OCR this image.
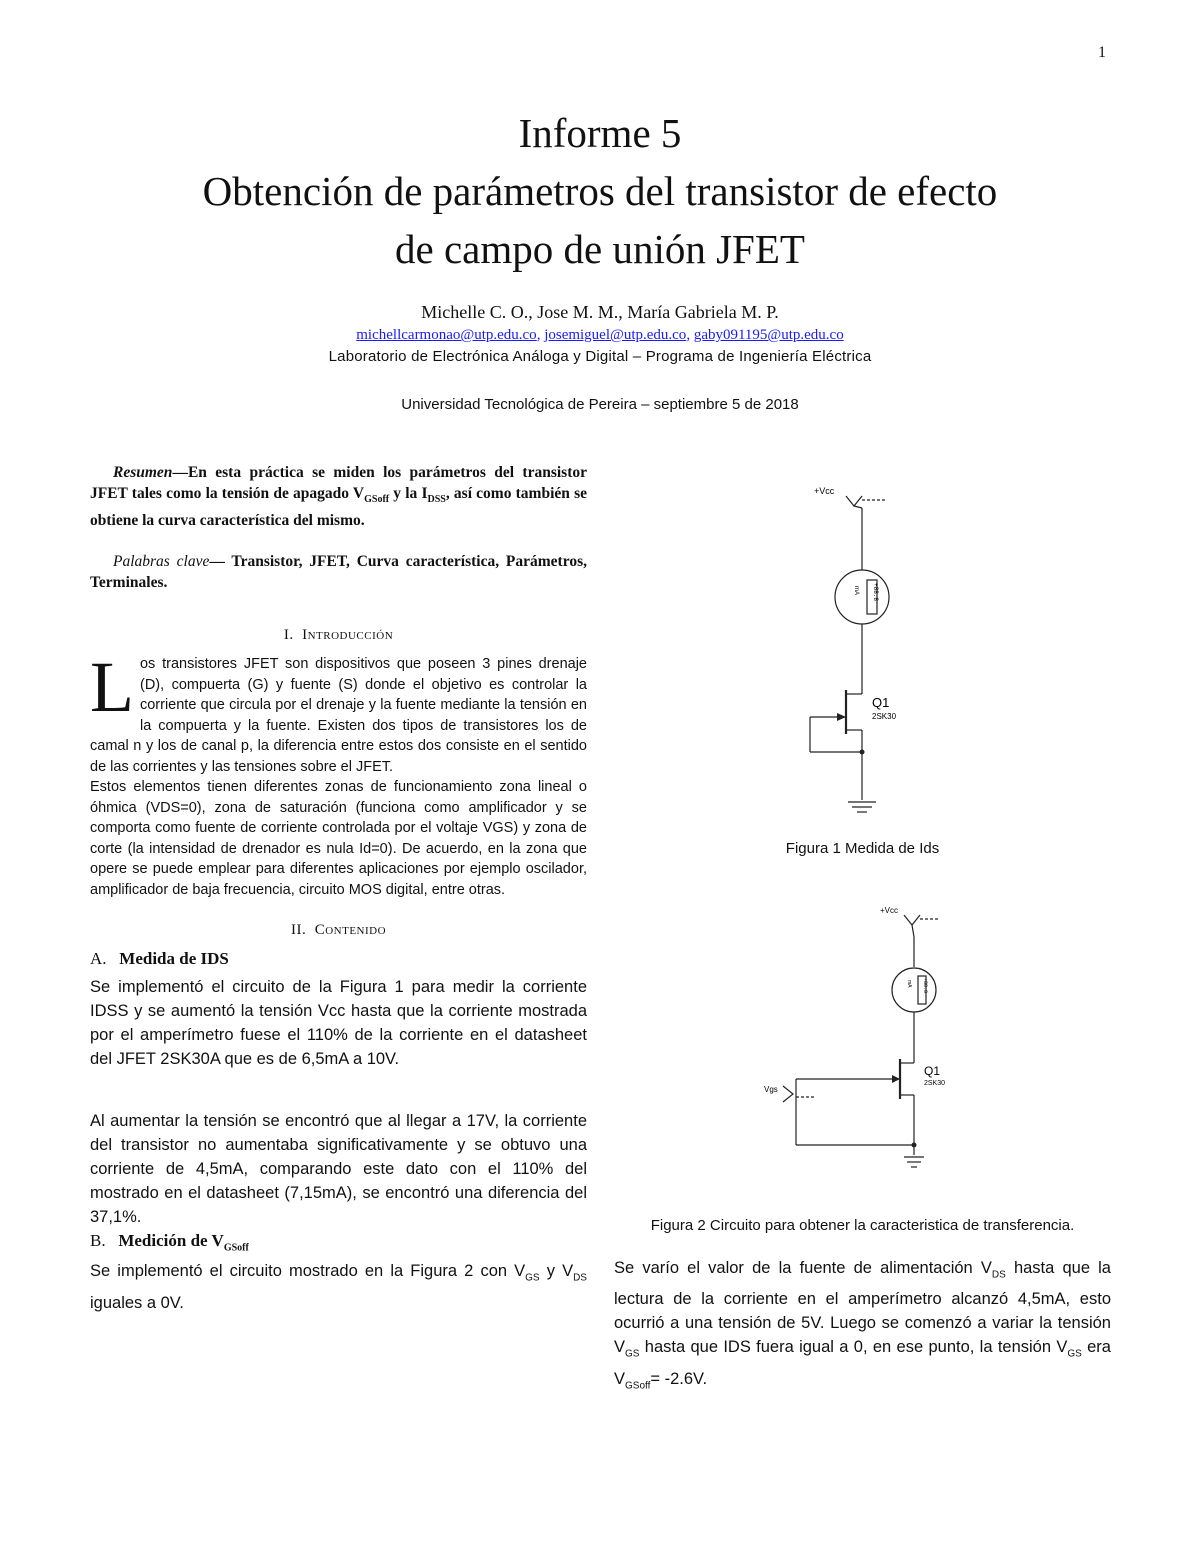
1
Informe 5
Obtención de parámetros del transistor de efecto
de campo de unión JFET
Michelle C. O., Jose M. M., María Gabriela M. P.
michellcarmonao@utp.edu.co, josemiguel@utp.edu.co, gaby091195@utp.edu.co
Laboratorio de Electrónica Análoga y Digital – Programa de Ingeniería Eléctrica
Universidad Tecnológica de Pereira – septiembre 5 de 2018

Resumen—En esta práctica se miden los parámetros del transistor JFET tales como la tensión de apagado $V_{GSoff}$ y la $I_{DSS}$, así como también se obtiene la curva característica del mismo.

Palabras clave— Transistor, JFET, Curva característica, Parámetros, Terminales.

I. Introducción

Los transistores JFET son dispositivos que poseen 3 pines drenaje (D), compuerta (G) y fuente (S) donde el objetivo es controlar la corriente que circula por el drenaje y la fuente mediante la tensión en la compuerta y la fuente. Existen dos tipos de transistores los de camal n y los de canal p, la diferencia entre estos dos consiste en el sentido de las corrientes y las tensiones sobre el JFET.

Estos elementos tienen diferentes zonas de funcionamiento zona lineal o óhmica (VDS=0), zona de saturación (funciona como amplificador y se comporta como fuente de corriente controlada por el voltaje VGS) y zona de corte (la intensidad de drenador es nula Id=0). De acuerdo, en la zona que opere se puede emplear para diferentes aplicaciones por ejemplo oscilador, amplificador de baja frecuencia, circuito MOS digital, entre otras.

II. Contenido
A. Medida de IDS

Se implementó el circuito de la Figura 1 para medir la corriente IDSS y se aumentó la tensión Vcc hasta que la corriente mostrada por el amperímetro fuese el 110% de la corriente en el datasheet del JFET 2SK30A que es de 6,5mA a 10V.

Al aumentar la tensión se encontró que al llegar a 17V, la corriente del transistor no aumentaba significativamente y se obtuvo una corriente de 4,5mA, comparando este dato con el 110% del mostrado en el datasheet (7,15mA), se encontró una diferencia del 37,1%.

B. Medición de $V_{GSoff}$

Se implementó el circuito mostrado en la Figura 2 con $V_{GS}$ y $V_{DS}$ iguales a 0V.

+Vcc
Q1
2SK30
+88.8
mA

Figura 1 Medida de Ids

+Vcc
Vgs
Q1
2SK30
+88.8
mA

Figura 2 Circuito para obtener la caracteristica de transferencia.

Se varío el valor de la fuente de alimentación $V_{DS}$ hasta que la lectura de la corriente en el amperímetro alcanzó 4,5mA, esto ocurrió a una tensión de 5V. Luego se comenzó a variar la tensión $V_{GS}$ hasta que IDS fuera igual a 0, en ese punto, la tensión $V_{GS}$ era $V_{GSoff}= -2.6V$.
